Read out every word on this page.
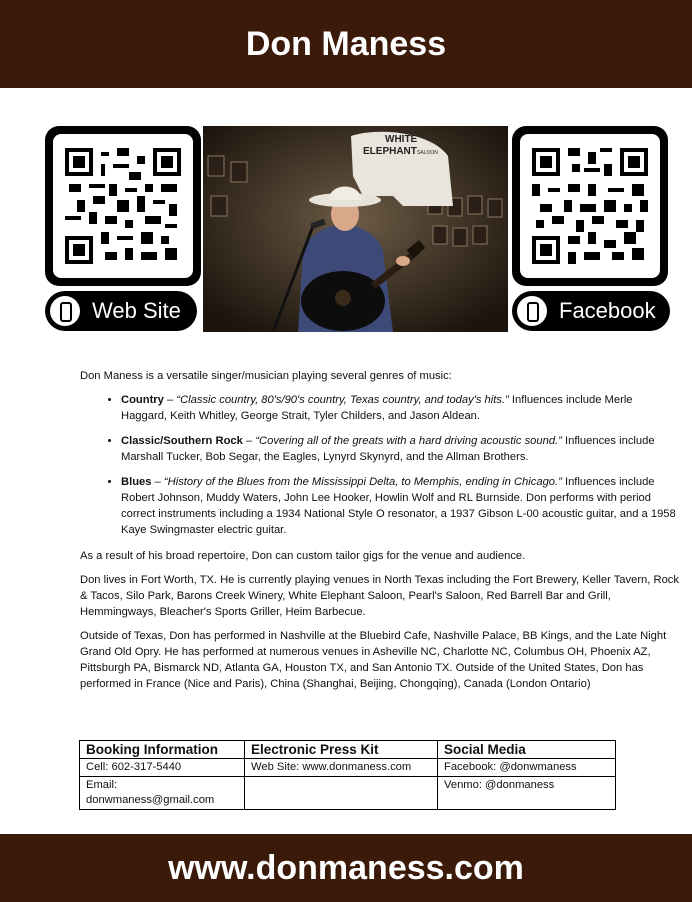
Don Maness
Web Site
WHITE
ELEPHANT SALOON
Facebook

Don Maness is a versatile singer/musician playing several genres of music:

• Country – “Classic country, 80's/90's country, Texas country, and today's hits.” Influences include Merle Haggard, Keith Whitley, George Strait, Tyler Childers, and Jason Aldean.
• Classic/Southern Rock – “Covering all of the greats with a hard driving acoustic sound.” Influences include Marshall Tucker, Bob Segar, the Eagles, Lynyrd Skynyrd, and the Allman Brothers.
• Blues – “History of the Blues from the Mississippi Delta, to Memphis, ending in Chicago.” Influences include Robert Johnson, Muddy Waters, John Lee Hooker, Howlin Wolf and RL Burnside. Don performs with period correct instruments including a 1934 National Style O resonator, a 1937 Gibson L-00 acoustic guitar, and a 1958 Kaye Swingmaster electric guitar.

As a result of his broad repertoire, Don can custom tailor gigs for the venue and audience.

Don lives in Fort Worth, TX. He is currently playing venues in North Texas including the Fort Brewery, Keller Tavern, Rock & Tacos, Silo Park, Barons Creek Winery, White Elephant Saloon, Pearl's Saloon, Red Barrell Bar and Grill, Hemmingways, Bleacher's Sports Griller, Heim Barbecue.

Outside of Texas, Don has performed in Nashville at the Bluebird Cafe, Nashville Palace, BB Kings, and the Late Night Grand Old Opry. He has performed at numerous venues in Asheville NC, Charlotte NC, Columbus OH, Phoenix AZ, Pittsburgh PA, Bismarck ND, Atlanta GA, Houston TX, and San Antonio TX. Outside of the United States, Don has performed in France (Nice and Paris), China (Shanghai, Beijing, Chongqing), Canada (London Ontario)

Booking Information	Electronic Press Kit	Social Media
Cell: 602-317-5440	Web Site: www.donmaness.com	Facebook: @donwmaness
Email: donwmaness@gmail.com		Venmo: @donmaness
www.donmaness.com
